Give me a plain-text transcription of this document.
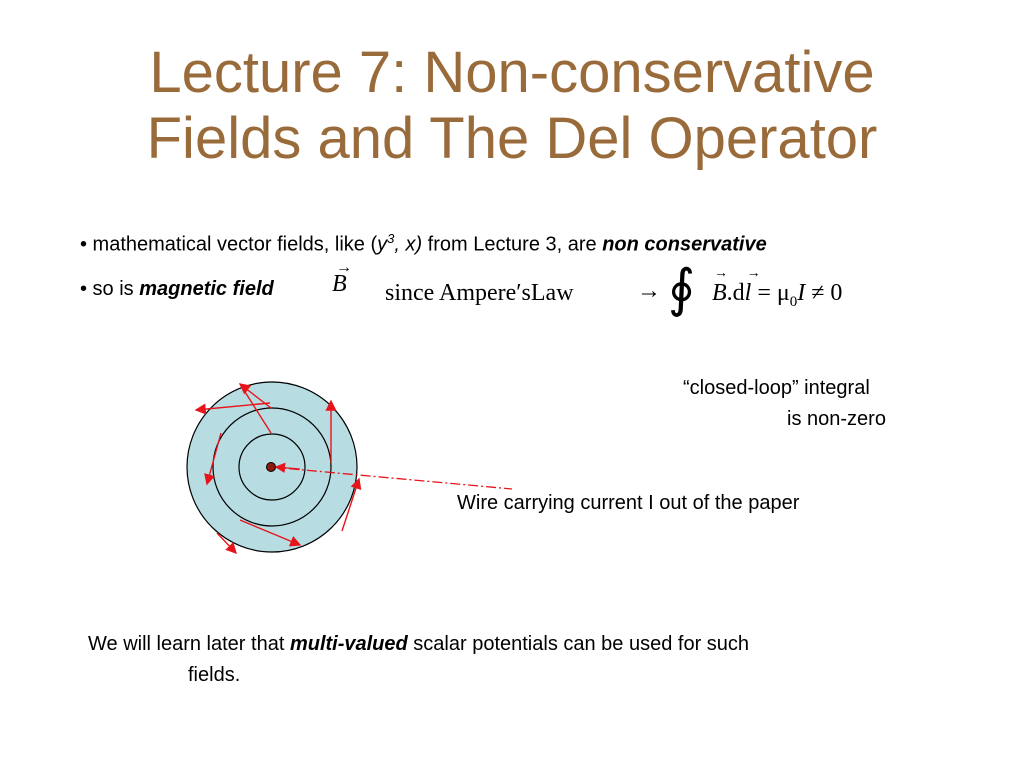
Lecture 7: Non-conservative
Fields and The Del Operator
• mathematical vector fields, like ($y^3$, x) from Lecture 3, are non conservative
• so is magnetic field
→
B since Ampere′sLaw	→ ∮
→ $B.d\to l = \mu_0I \ne 0$
“closed-loop” integral
is non-zero
Wire carrying current I out of the paper
We will learn later that multi-valued scalar potentials can be used for such
fields.
